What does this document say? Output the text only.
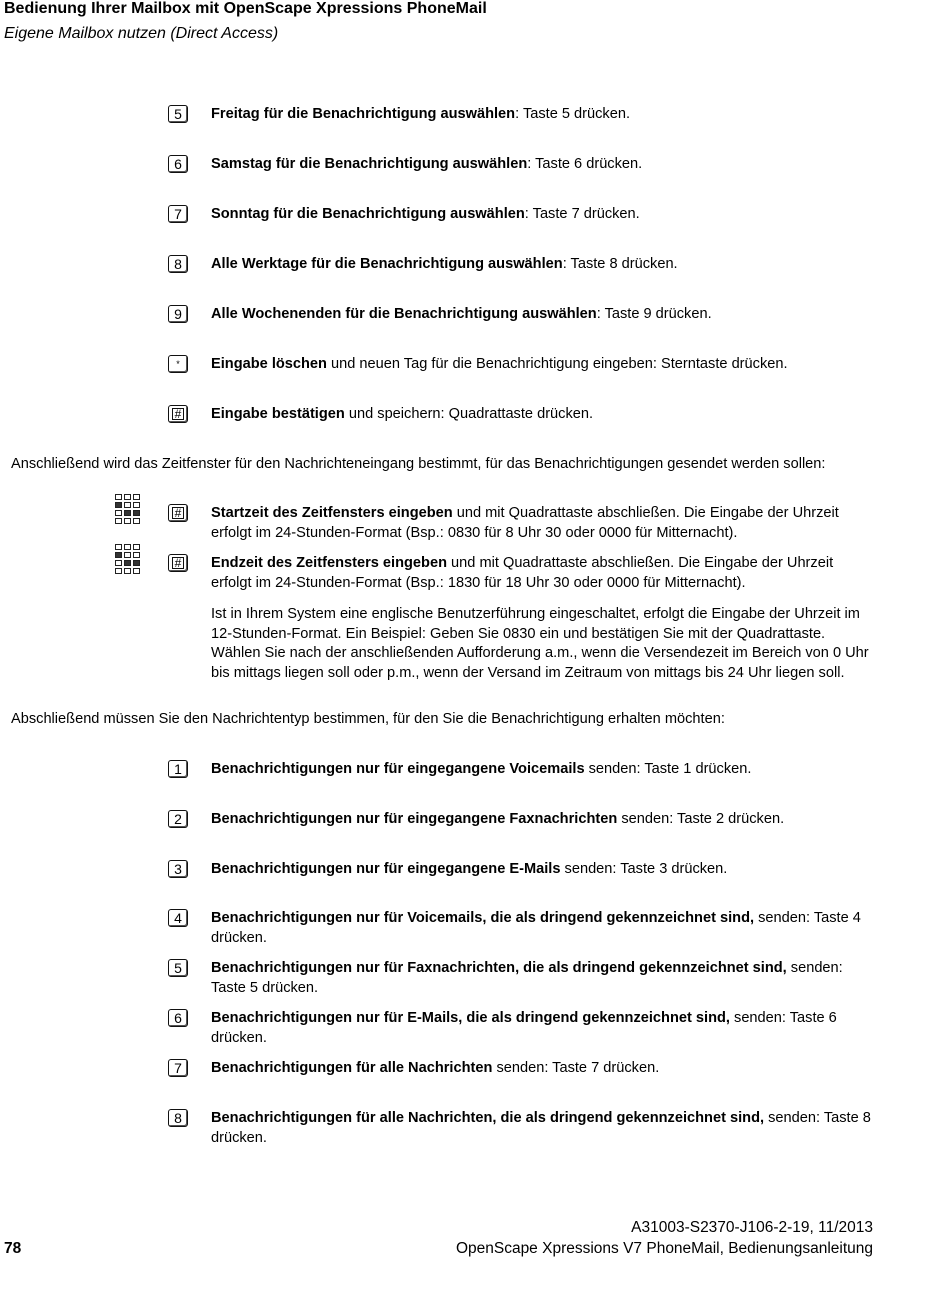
Bedienung Ihrer Mailbox mit OpenScape Xpressions PhoneMail
Eigene Mailbox nutzen (Direct Access)
5 Freitag für die Benachrichtigung auswählen: Taste 5 drücken.
6 Samstag für die Benachrichtigung auswählen: Taste 6 drücken.
7 Sonntag für die Benachrichtigung auswählen: Taste 7 drücken.
8 Alle Werktage für die Benachrichtigung auswählen: Taste 8 drücken.
9 Alle Wochenenden für die Benachrichtigung auswählen: Taste 9 drücken.
* Eingabe löschen und neuen Tag für die Benachrichtigung eingeben: Sterntaste drücken.
# Eingabe bestätigen und speichern: Quadrattaste drücken.
Anschließend wird das Zeitfenster für den Nachrichteneingang bestimmt, für das Benachrichtigungen gesendet werden sollen:
# Startzeit des Zeitfensters eingeben und mit Quadrattaste abschließen. Die Eingabe der Uhrzeit erfolgt im 24-Stunden-Format (Bsp.: 0830 für 8 Uhr 30 oder 0000 für Mitternacht).
# Endzeit des Zeitfensters eingeben und mit Quadrattaste abschließen. Die Eingabe der Uhrzeit erfolgt im 24-Stunden-Format (Bsp.: 1830 für 18 Uhr 30 oder 0000 für Mitternacht).
Ist in Ihrem System eine englische Benutzerführung eingeschaltet, erfolgt die Eingabe der Uhrzeit im 12-Stunden-Format. Ein Beispiel: Geben Sie 0830 ein und bestätigen Sie mit der Quadrattaste. Wählen Sie nach der anschließenden Aufforderung a.m., wenn die Versendezeit im Bereich von 0 Uhr bis mittags liegen soll oder p.m., wenn der Versand im Zeitraum von mittags bis 24 Uhr liegen soll.
Abschließend müssen Sie den Nachrichtentyp bestimmen, für den Sie die Benachrichtigung erhalten möchten:
1 Benachrichtigungen nur für eingegangene Voicemails senden: Taste 1 drücken.
2 Benachrichtigungen nur für eingegangene Faxnachrichten senden: Taste 2 drücken.
3 Benachrichtigungen nur für eingegangene E-Mails senden: Taste 3 drücken.
4 Benachrichtigungen nur für Voicemails, die als dringend gekennzeichnet sind, senden: Taste 4 drücken.
5 Benachrichtigungen nur für Faxnachrichten, die als dringend gekennzeichnet sind, senden: Taste 5 drücken.
6 Benachrichtigungen nur für E-Mails, die als dringend gekennzeichnet sind, senden: Taste 6 drücken.
7 Benachrichtigungen für alle Nachrichten senden: Taste 7 drücken.
8 Benachrichtigungen für alle Nachrichten, die als dringend gekennzeichnet sind, senden: Taste 8 drücken.
A31003-S2370-J106-2-19, 11/2013
78	OpenScape Xpressions V7 PhoneMail, Bedienungsanleitung
